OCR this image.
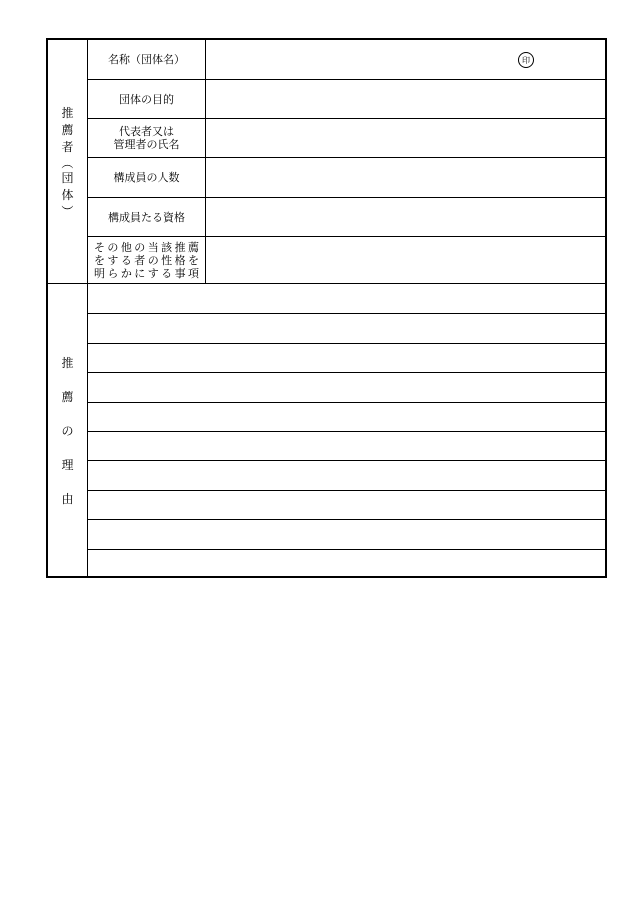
推
薦
者
（
団
体
）
名称（団体名）	印
団体の目的
代表者又は
管理者の氏名
構成員の人数
構成員たる資格
その他の当該推薦
をする者の性格を
明らかにする事項
推
薦
の
理
由
